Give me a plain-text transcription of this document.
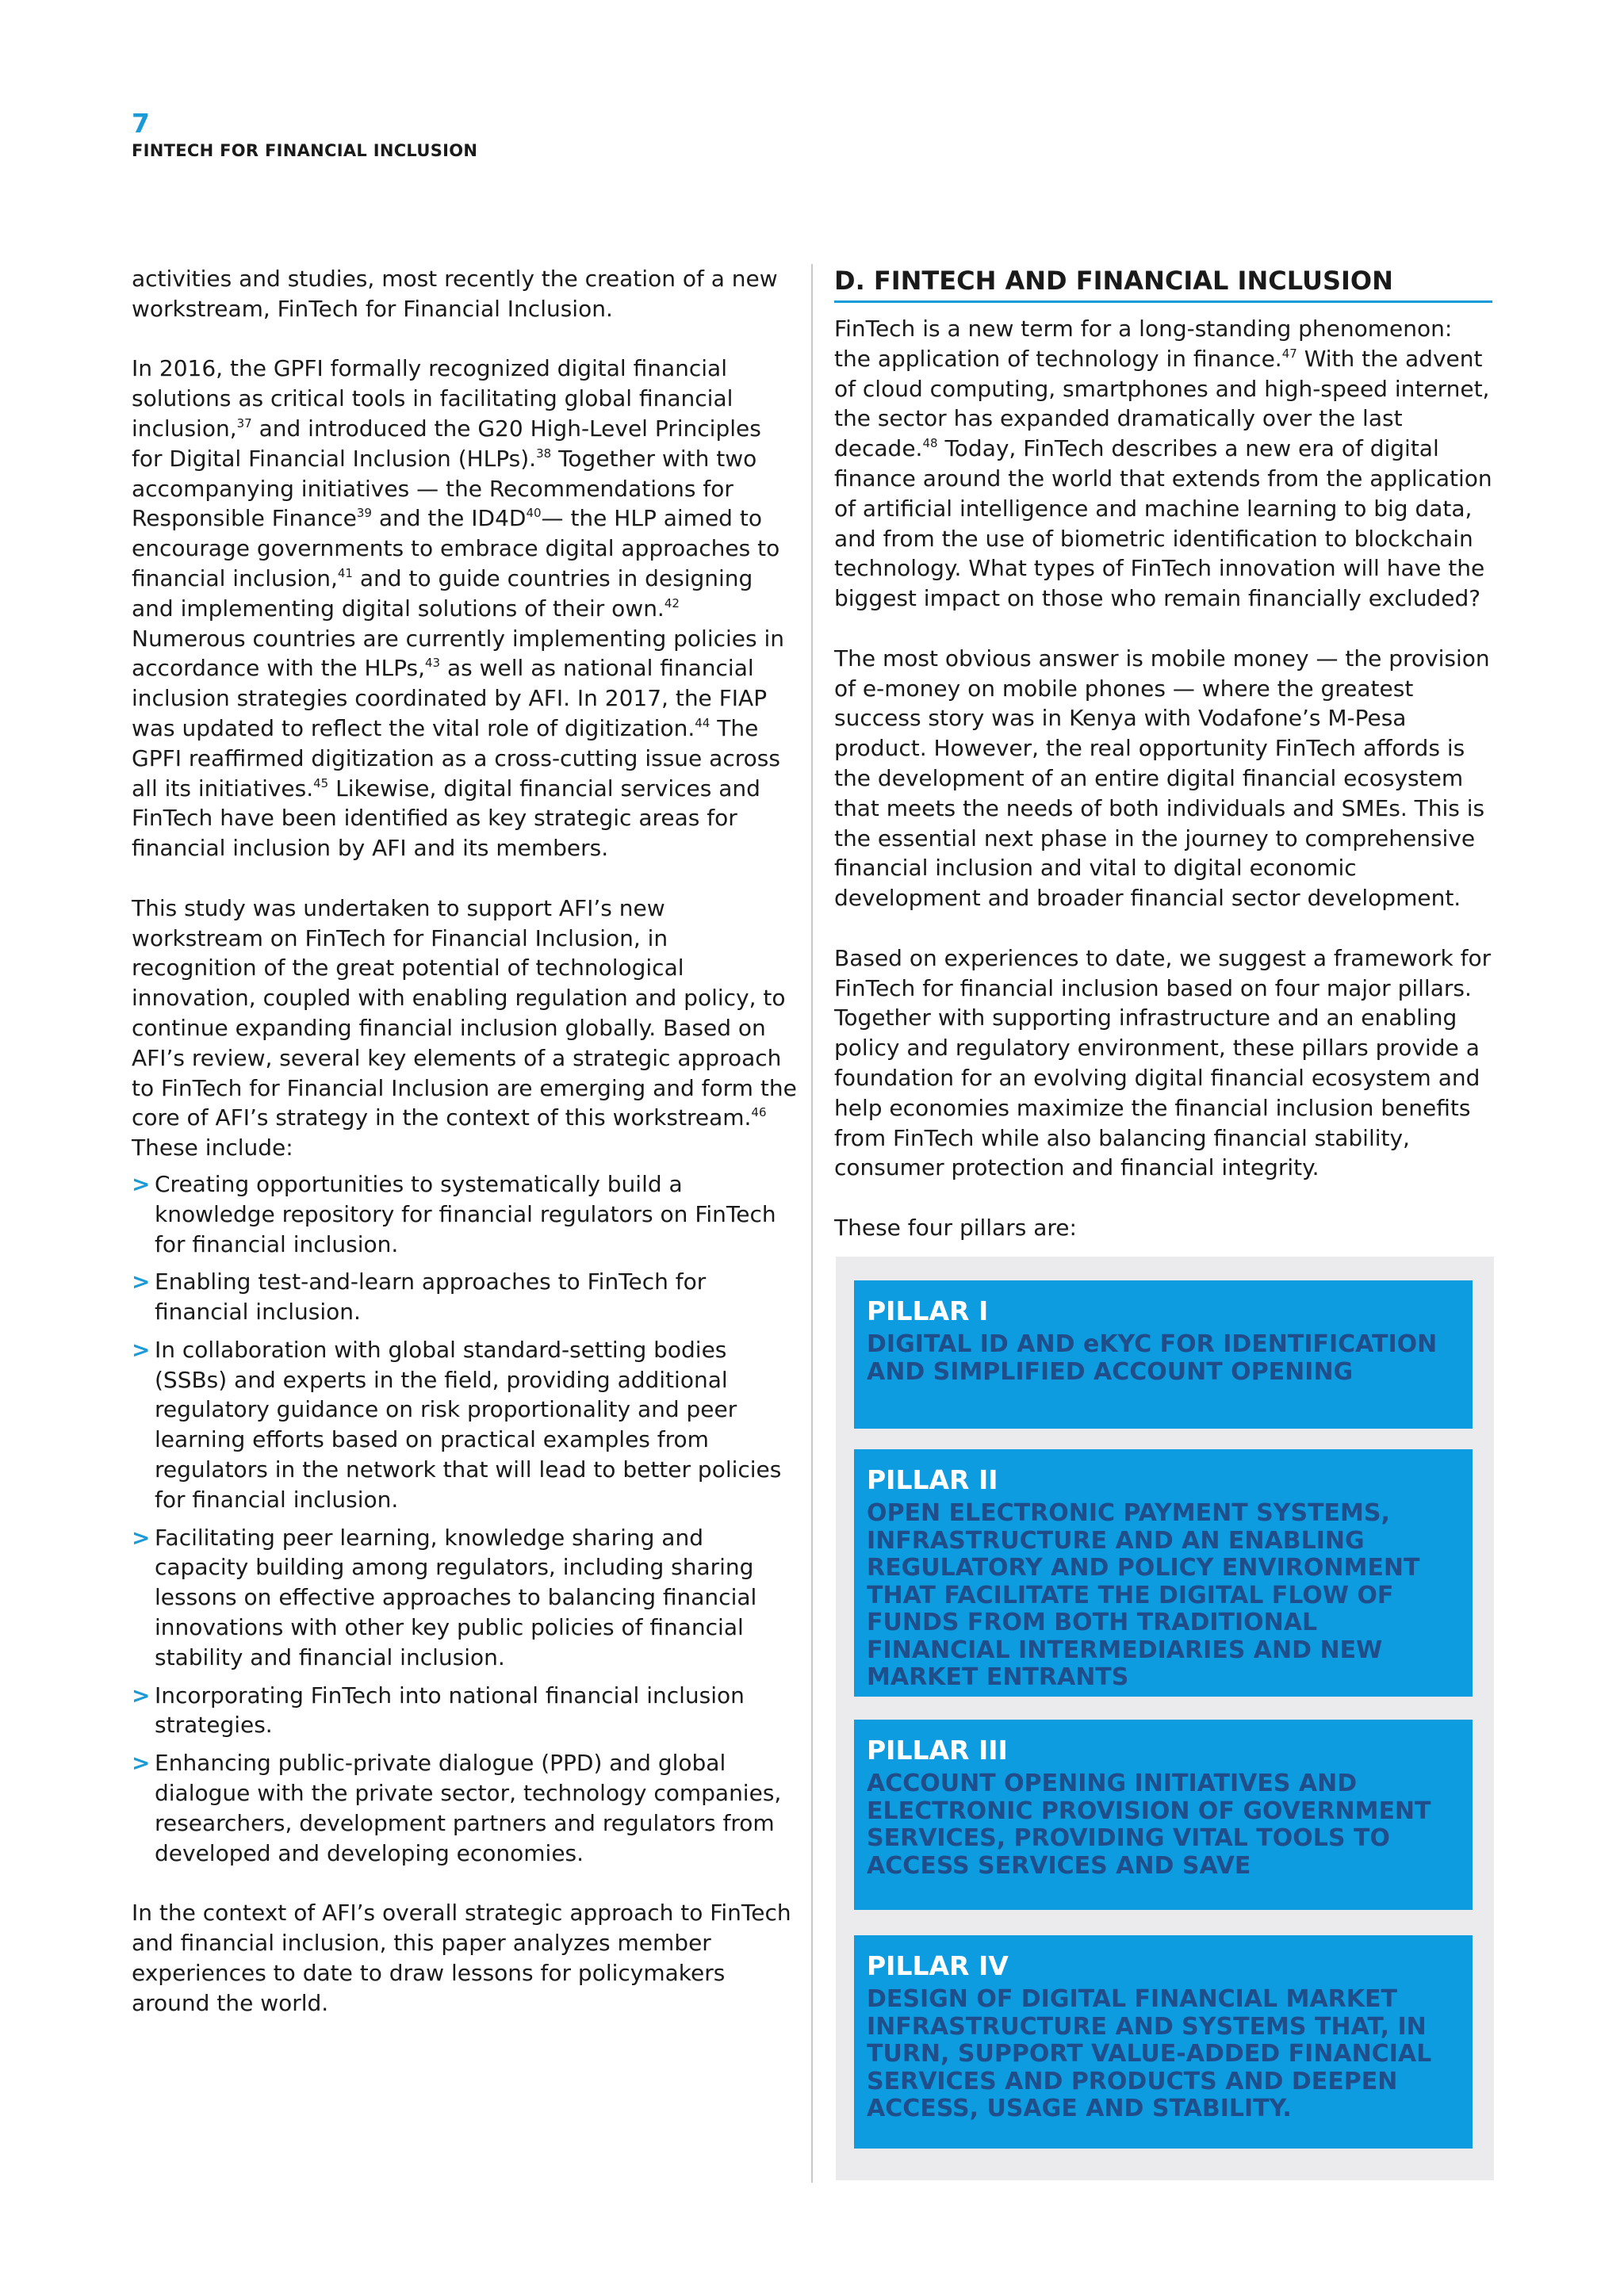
7
FINTECH FOR FINANCIAL INCLUSION

activities and studies, most recently the creation of a new workstream, FinTech for Financial Inclusion.

In 2016, the GPFI formally recognized digital financial solutions as critical tools in facilitating global financial inclusion,$^{37}$ and introduced the G20 High-Level Principles for Digital Financial Inclusion (HLPs).$^{38}$ Together with two accompanying initiatives — the Recommendations for Responsible Finance$^{39}$ and the $ID4D^{40}—$ the HLP aimed to encourage governments to embrace digital approaches to financial inclusion,$^{41}$ and to guide countries in designing and implementing digital solutions of their own.$^{42}$ Numerous countries are currently implementing policies in accordance with the HLPs,$^{43}$ as well as national financial inclusion strategies coordinated by AFI. In 2017, the FIAP was updated to reflect the vital role of digitization.$^{44}$ The GPFI reaffirmed digitization as a cross-cutting issue across all its initiatives.$^{45}$ Likewise, digital financial services and FinTech have been identified as key strategic areas for financial inclusion by AFI and its members.

This study was undertaken to support AFI’s new workstream on FinTech for Financial Inclusion, in recognition of the great potential of technological innovation, coupled with enabling regulation and policy, to continue expanding financial inclusion globally. Based on AFI’s review, several key elements of a strategic approach to FinTech for Financial Inclusion are emerging and form the core of AFI’s strategy in the context of this workstream.$^{46}$ These include:

> Creating opportunities to systematically build a knowledge repository for financial regulators on FinTech for financial inclusion.
> Enabling test-and-learn approaches to FinTech for financial inclusion.
> In collaboration with global standard-setting bodies (SSBs) and experts in the field, providing additional regulatory guidance on risk proportionality and peer learning efforts based on practical examples from regulators in the network that will lead to better policies for financial inclusion.
> Facilitating peer learning, knowledge sharing and capacity building among regulators, including sharing lessons on effective approaches to balancing financial innovations with other key public policies of financial stability and financial inclusion.
> Incorporating FinTech into national financial inclusion strategies.
> Enhancing public-private dialogue (PPD) and global dialogue with the private sector, technology companies, researchers, development partners and regulators from developed and developing economies.

In the context of AFI’s overall strategic approach to FinTech and financial inclusion, this paper analyzes member experiences to date to draw lessons for policymakers around the world.

D. FINTECH AND FINANCIAL INCLUSION

FinTech is a new term for a long-standing phenomenon: the application of technology in finance.$^{47}$ With the advent of cloud computing, smartphones and high-speed internet, the sector has expanded dramatically over the last decade.$^{48}$ Today, FinTech describes a new era of digital finance around the world that extends from the application of artificial intelligence and machine learning to big data, and from the use of biometric identification to blockchain technology. What types of FinTech innovation will have the biggest impact on those who remain financially excluded?

The most obvious answer is mobile money — the provision of e-money on mobile phones — where the greatest success story was in Kenya with Vodafone’s M-Pesa product. However, the real opportunity FinTech affords is the development of an entire digital financial ecosystem that meets the needs of both individuals and SMEs. This is the essential next phase in the journey to comprehensive financial inclusion and vital to digital economic development and broader financial sector development.

Based on experiences to date, we suggest a framework for FinTech for financial inclusion based on four major pillars. Together with supporting infrastructure and an enabling policy and regulatory environment, these pillars provide a foundation for an evolving digital financial ecosystem and help economies maximize the financial inclusion benefits from FinTech while also balancing financial stability, consumer protection and financial integrity.

These four pillars are:

PILLAR I
DIGITAL ID AND eKYC FOR IDENTIFICATION AND SIMPLIFIED ACCOUNT OPENING
PILLAR II
OPEN ELECTRONIC PAYMENT SYSTEMS, INFRASTRUCTURE AND AN ENABLING REGULATORY AND POLICY ENVIRONMENT THAT FACILITATE THE DIGITAL FLOW OF FUNDS FROM BOTH TRADITIONAL FINANCIAL INTERMEDIARIES AND NEW MARKET ENTRANTS
PILLAR III
ACCOUNT OPENING INITIATIVES AND ELECTRONIC PROVISION OF GOVERNMENT SERVICES, PROVIDING VITAL TOOLS TO ACCESS SERVICES AND SAVE
PILLAR IV
DESIGN OF DIGITAL FINANCIAL MARKET INFRASTRUCTURE AND SYSTEMS THAT, IN TURN, SUPPORT VALUE-ADDED FINANCIAL SERVICES AND PRODUCTS AND DEEPEN ACCESS, USAGE AND STABILITY.
